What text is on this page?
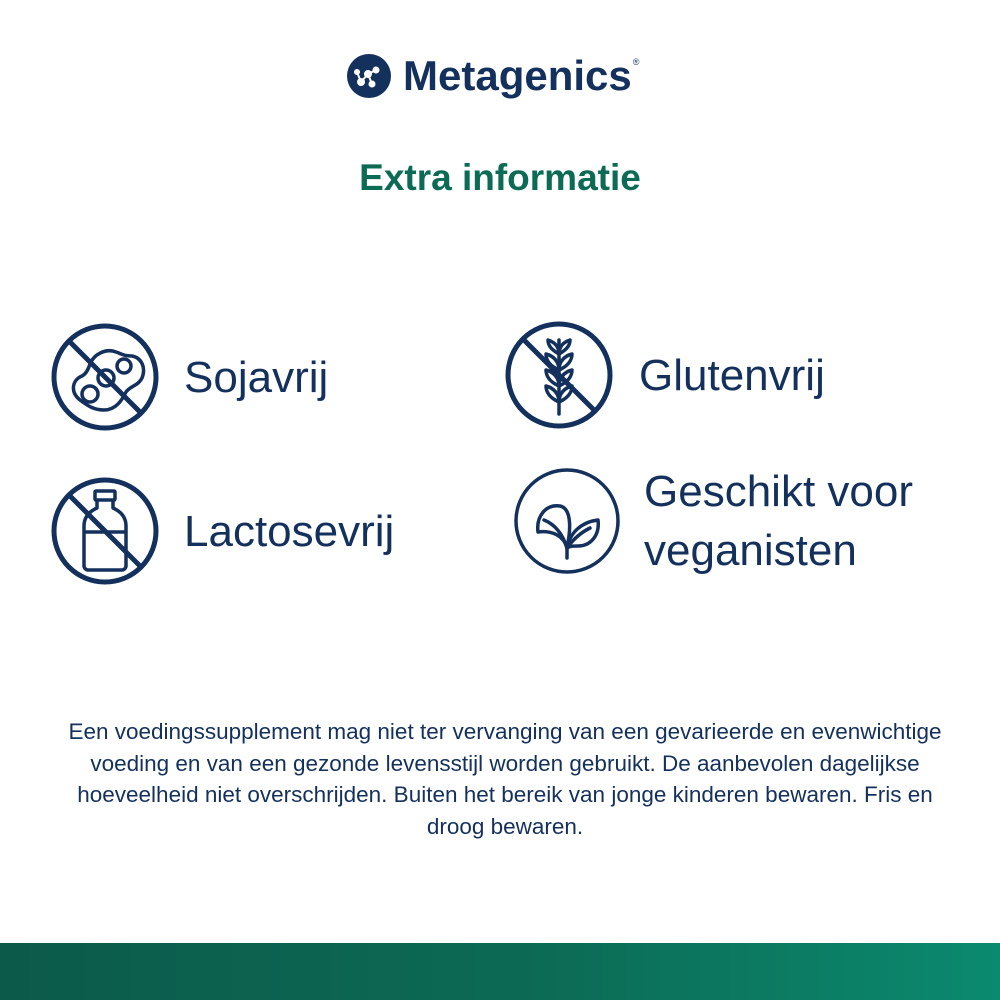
Metagenics ®
Extra informatie
Sojavrij	Glutenvrij
Lactosevrij
Geschikt voor
veganisten
Een voedingssupplement mag niet ter vervanging van een gevarieerde en evenwichtige voeding en van een gezonde levensstijl worden gebruikt. De aanbevolen dagelijkse hoeveelheid niet overschrijden. Buiten het bereik van jonge kinderen bewaren. Fris en droog bewaren.
